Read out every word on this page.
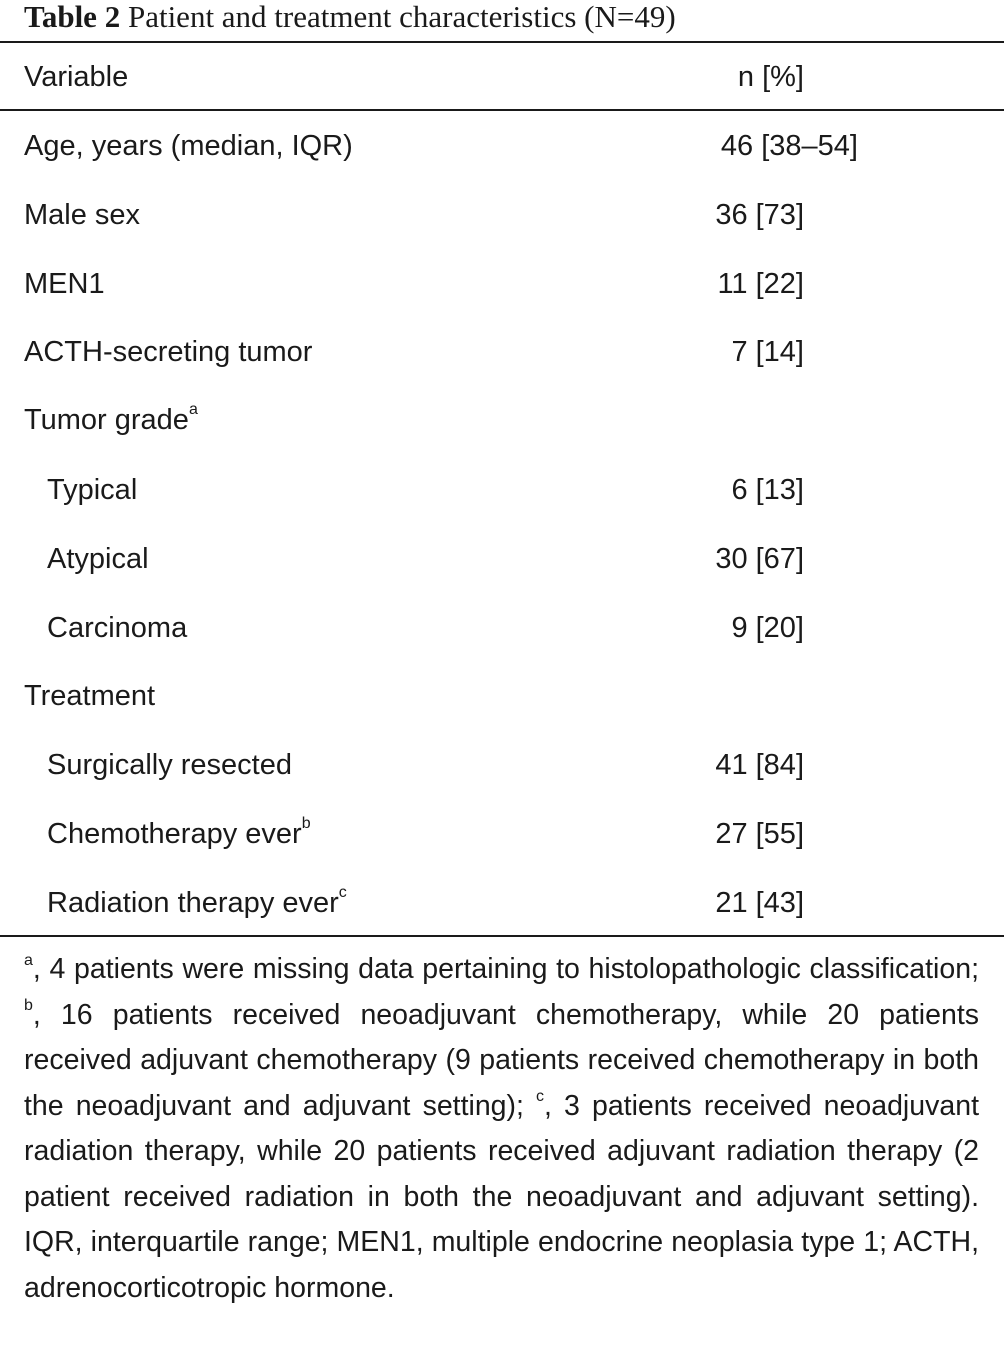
Table 2 Patient and treatment characteristics (N=49)
Variable	n [%]
Age, years (median, IQR)	46 [38–54]
Male sex	36 [73]
MEN1	11 [22]
ACTH-secreting tumor	7 [14]
Tumor grade$^a$
Typical	6 [13]
Atypical	30 [67]
Carcinoma	9 [20]
Treatment
Surgically resected	41 [84]
Chemotherapy ever$^b$	27 [55]
Radiation therapy ever$^c$	21 [43]
$^a$, 4 patients were missing data pertaining to histolopathologic classification; $^b$, 16 patients received neoadjuvant chemotherapy, while 20 patients received adjuvant chemotherapy (9 patients received chemotherapy in both the neoadjuvant and adjuvant setting); $^c$, 3 patients received neoadjuvant radiation therapy, while 20 patients received adjuvant radiation therapy (2 patient received radiation in both the neoadjuvant and adjuvant setting). IQR, interquartile range; MEN1, multiple endocrine neoplasia type 1; ACTH, adrenocorticotropic hormone.
